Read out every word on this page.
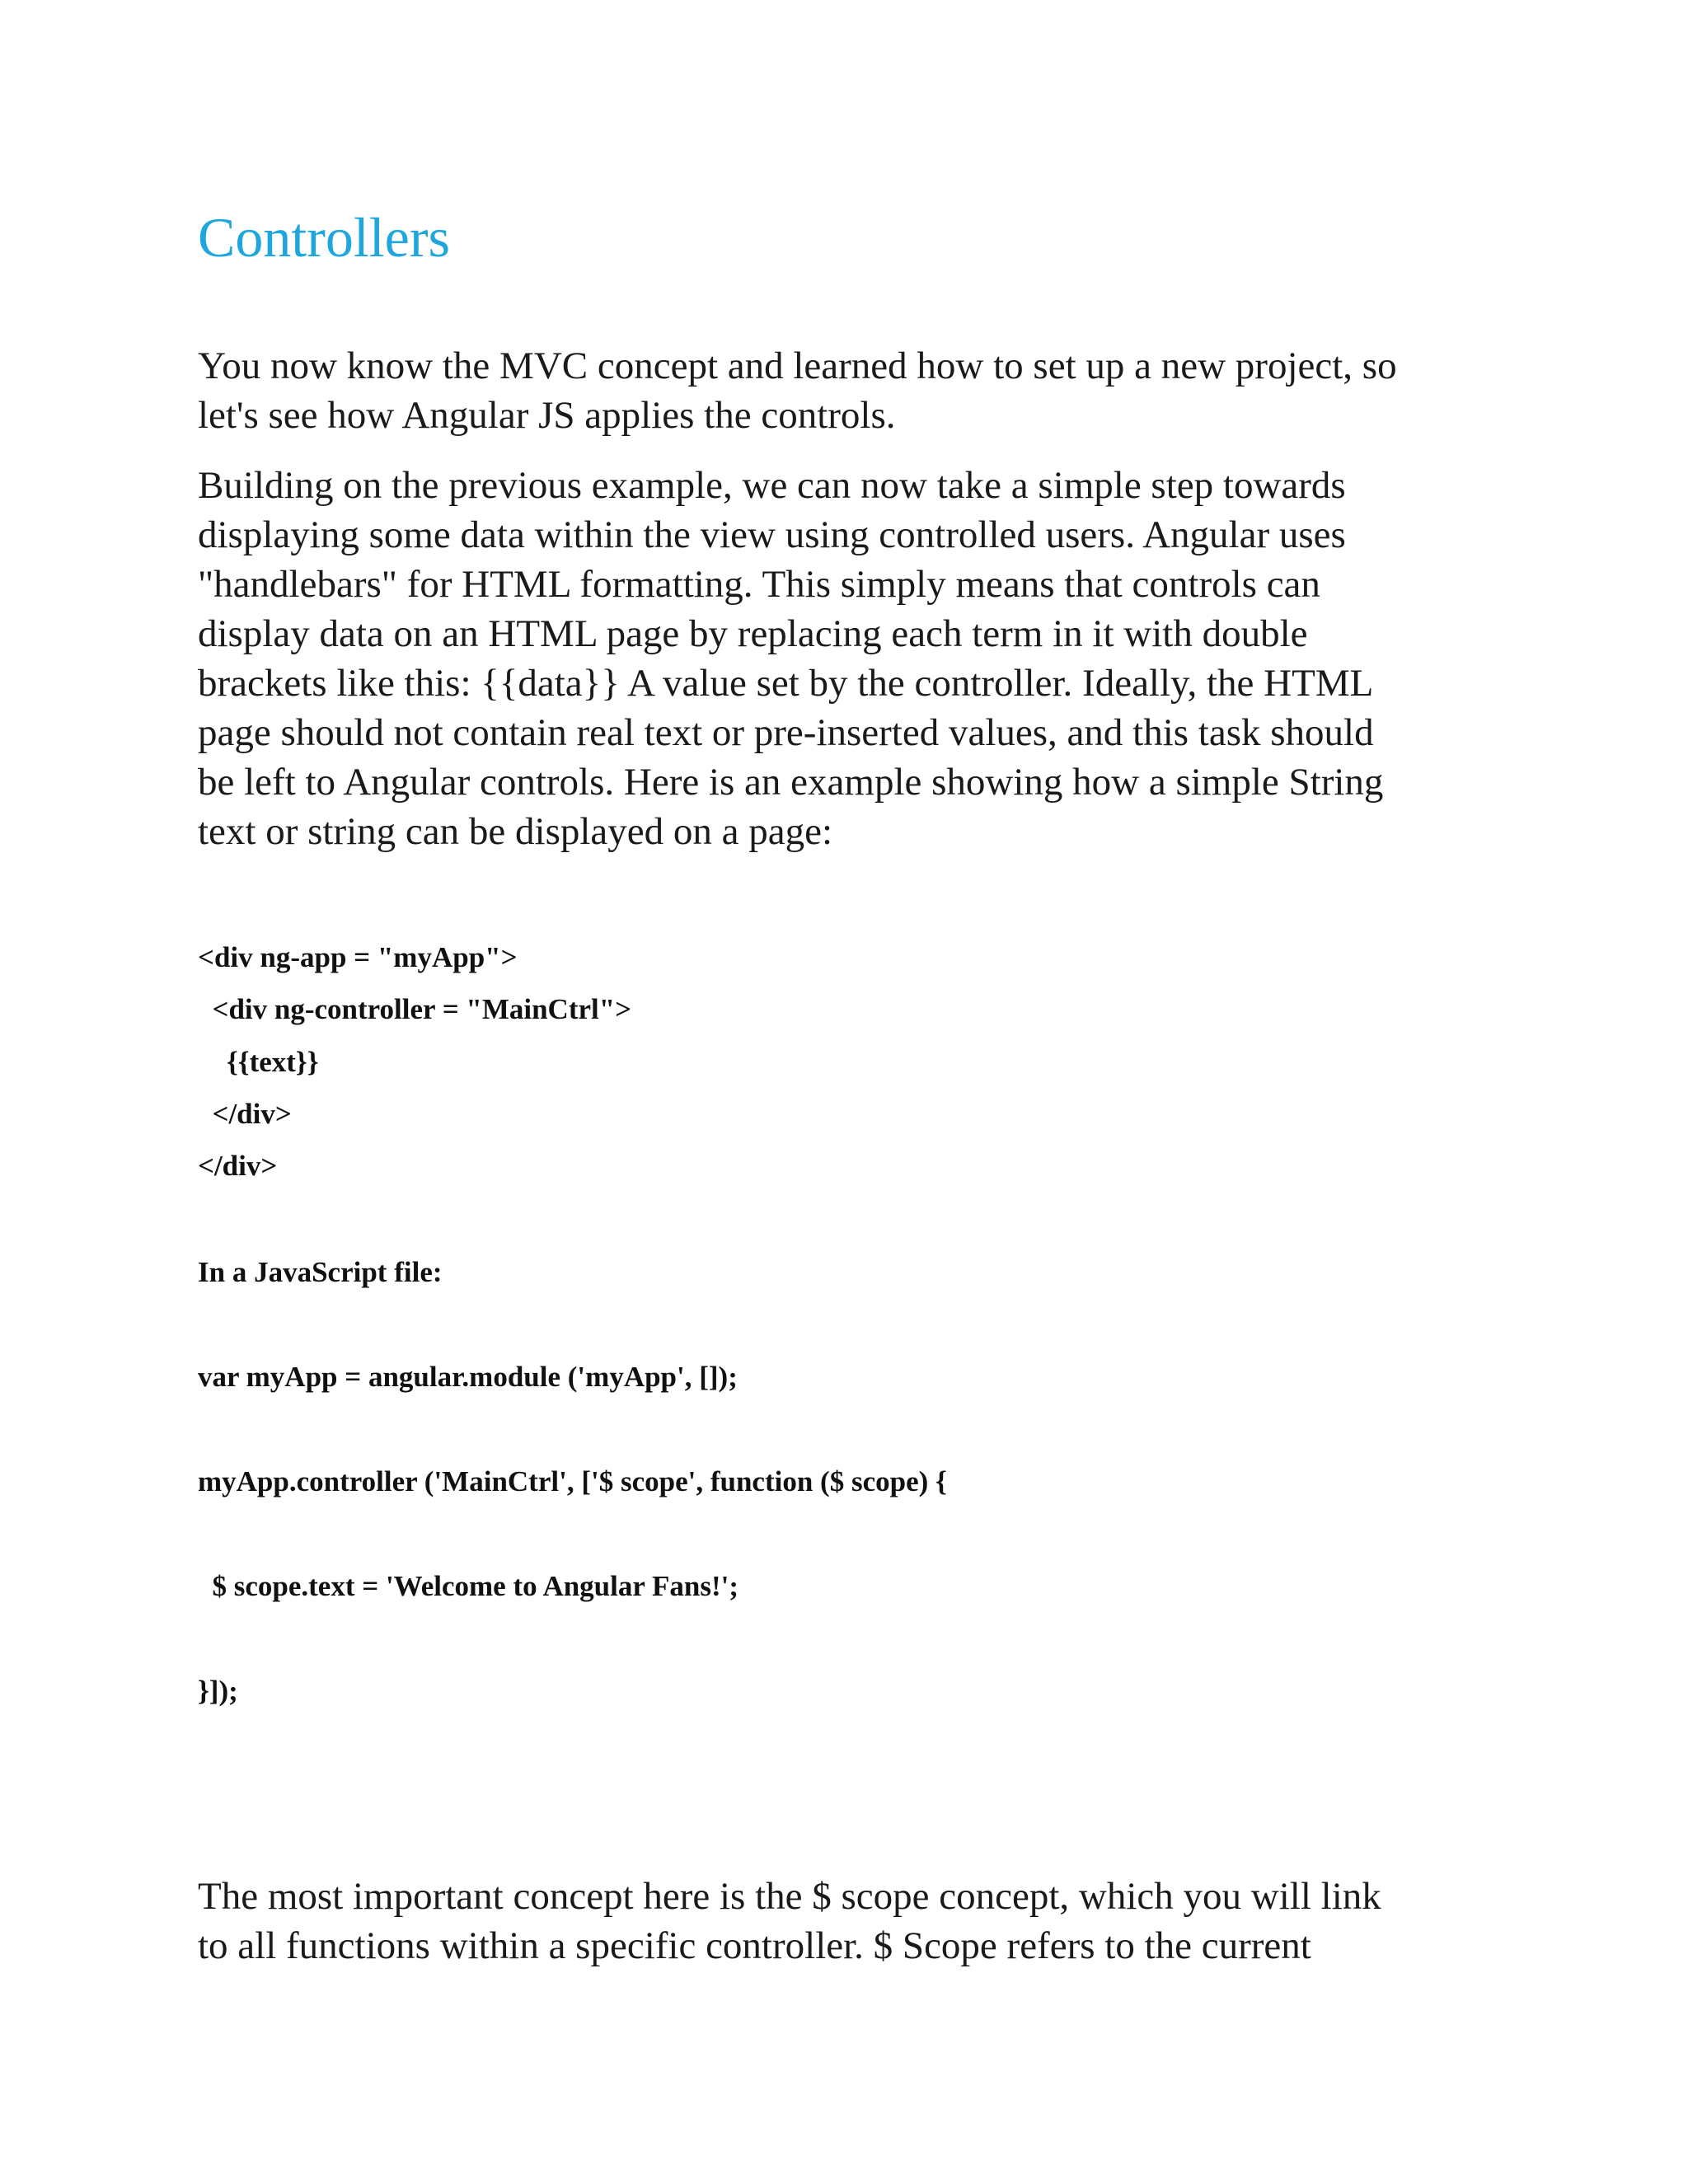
Controllers

You now know the MVC concept and learned how to set up a new project, so
let's see how Angular JS applies the controls.

Building on the previous example, we can now take a simple step towards
displaying some data within the view using controlled users. Angular uses
"handlebars" for HTML formatting. This simply means that controls can
display data on an HTML page by replacing each term in it with double
brackets like this: {{data}} A value set by the controller. Ideally, the HTML
page should not contain real text or pre-inserted values, and this task should
be left to Angular controls. Here is an example showing how a simple String
text or string can be displayed on a page:

<div ng-app = "myApp">
<div ng-controller = "MainCtrl">
{{text}}
</div>
</div>
In a JavaScript file:
var myApp = angular.module ('myApp', []);
myApp.controller ('MainCtrl', ['$ scope', function ($ scope) {
$ scope.text = 'Welcome to Angular Fans!';
}]);

The most important concept here is the $ scope concept, which you will link
to all functions within a specific controller. $ Scope refers to the current
